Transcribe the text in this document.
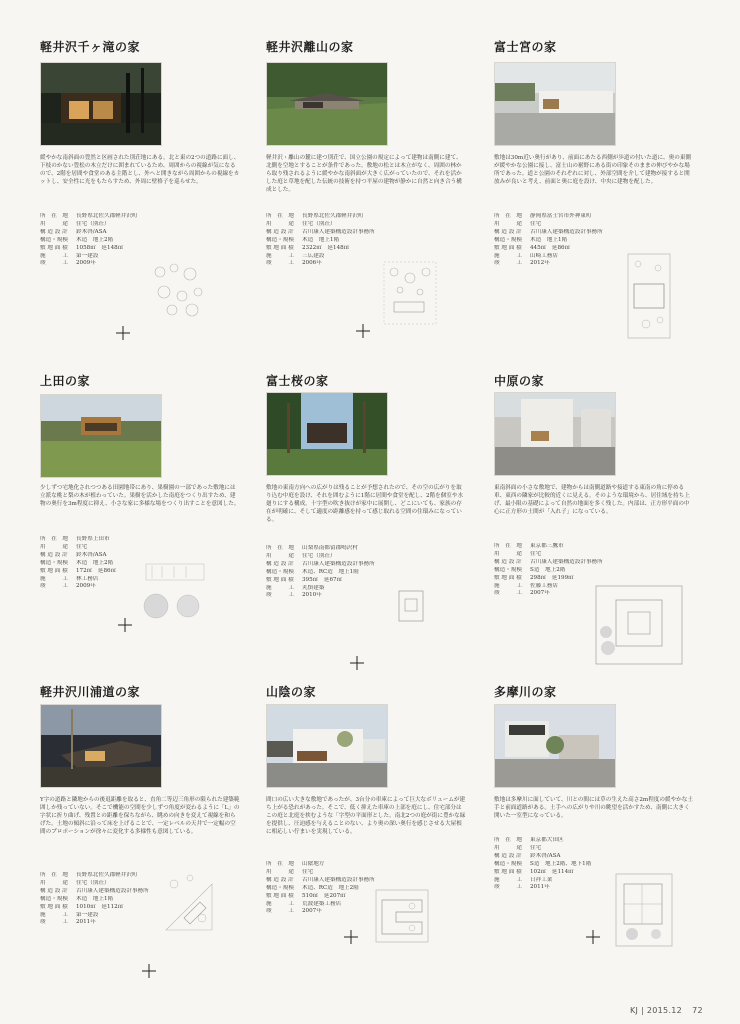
軽井沢千ヶ滝の家
緩やかな南斜面の豊然と区画された別荘地にある。北と東の2つの道路に面し、下枝のかない豊松の木立だけに囲まれているため、周囲からの視線が気になるので、2階を居間や食堂のある主階とし、外へと開きながら周囲からの視線をカットし、安全性に光をもたらすため、外周に壁格子を巡らせた。
所　在　地 長野県北佐久郡軽井沢町
用　　　途 住宅（別荘）
構 造 設 計 鈴木啓/ASA
構造・規模 木造　地上2階
敷 地 面 積 1058㎡　延148㎡
施　　　工 第一建設
竣　　　工 2009年
軽井沢離山の家
軽井沢・離山の麓に建つ別荘で、国立公園の規定によって建物は南側に建て、北側を空地とすることが条件であった。敷地の松とは木立がなく、周囲の林から取り残されるように緩やかな南斜面が大きく広がっていたので、それを活かした庭と草地を配した伝統の技術を持つ平屋の建物が静かに自然と向き合う構成とした。
所　在　地 長野県北佐久郡軽井沢町
用　　　途 住宅（別荘）
構 造 設 計 古川康人建築構造設計事務所
構造・規模 木造　地上1階
敷 地 面 積 2322㎡　延148㎡
施　　　工 三広建設
竣　　　工 2006年
富士宮の家
敷地は30m近い奥行があり、前面にあたる西側が歩道の付いた道に、奥の東側が緩やかな公園に接し、富士山の裾野にある街の印象そのままの伸びやかな場所であった。道と公園のそれぞれに対し、外部空間を介して建物が接すると開放みが良いと考え、前面と奥に庭を設け、中央に建物を配した。
所　在　地 静岡県富士宮市外神東町
用　　　途 住宅
構 造 設 計 古川康人建築構造設計事務所
構造・規模 木造　地上1階
敷 地 面 積 445㎡　延86㎡
施　　　工 山崎工務店
竣　　　工 2012年
上田の家
少しずつ宅地化されつつある田園地帯にあり、果樹園の一部であった敷地には立派な桃と梨の木が植わっていた。果樹を活かした南庭をつくり出すため、建物の奥行を3m程度に抑え、小さな家に多様な場をつくり出すことを意図した。
所　在　地 長野県上田市
用　　　途 住宅
構 造 設 計 鈴木啓/ASA
構造・規模 木造　地上2階
敷 地 面 積 172㎡　延86㎡
施　　　工 林工務店
竣　　　工 2009年
富士桜の家
敷地の東南方向への広がりは残ることが予想されたので、その空の広がりを取り込む中庭を設け、それを囲むように1階に居間や食堂を配し、2階を個室や水廻りにする構成。十字型の吹き抜けが家中に展開し、どこにいても、家族の存在が明確に、そして適度の距離感を持って感じ取れる空間の住環みになっている。
所　在　地 山梨県南都留郡鳴沢村
用　　　途 住宅（別荘）
構 造 設 計 古川康人建築構造設計事務所
構造・規模 木造、RC造　地上1階
敷 地 面 積 395㎡　延67㎡
施　　　工 丸慎建築
竣　　　工 2010年
中原の家
東南斜面の小さな敷地で、建物からは南側道路や接道する東南の角に停める車、東西の隣家が比較的近くに見える。そのような環境から、居住域を持ち上げ、最小限の基礎によって自然の地面を多く残した。内部は、正方形平面の中心に正方形の土間が「入れ子」になっている。
所　在　地 東京都三鷹市
用　　　途 住宅
構 造 設 計 古川康人建築構造設計事務所
構造・規模 S造　地上2階
敷 地 面 積 298㎡　延199㎡
施　　　工 佐藤工務店
竣　　　工 2007年
軽井沢川浦道の家
Y字の道路と隣地からの後退距離を取ると、直角二等辺三角形の限られた建築範囲しか残っていない。そこで機能の空間を少しずつ角度が変わるように「L」の字状に折り曲げ、残置との距離を保ちながら、眺めの向きを変えて視線を和らげた。土地の傾斜に沿って床を上げることで、一定レベルの天井で一定幅の空間のプロポーションが徐々に変化する多様性も意図している。
所　在　地 長野県北佐久郡軽井沢町
用　　　途 住宅（別荘）
構 造 設 計 古川康人建築構造設計事務所
構造・規模 木造　地上1階
敷 地 面 積 1010㎡　延112㎡
施　　　工 第一建設
竣　　　工 2011年
山陰の家
間口の広い大きな敷地であったが、3台分の車庫によって巨大なボリュームが建ち上がる恐れがあった。そこで、低く抑えた車庫の上部を庭にし、住宅部分はこの庭と北庭を挟むような「字型の平面形とした。南北2つの庭が街に豊かな緑を提供し、圧迫感を与えることのない、より奥の深い奥行を感じさせる大屋根に相応しい佇まいを実現している。
所　在　地 山陰地方
用　　　途 住宅
構 造 設 計 古川康人建築構造設計事務所
構造・規模 木造、RC造　地上2階
敷 地 面 積 510㎡　延207㎡
施　　　工 荒波建築工務店
竣　　　工 2007年
多摩川の家
敷地は多摩川に面していて、川との間には草の生えた高さ2m程度の緩やかな土手と前面道路がある。土手への広がりや川の眺望を活かすため、南側に大きく開いた一室型になっている。
所　在　地 東京都大田区
用　　　途 住宅
構 造 設 計 鈴木啓/ASA
構造・規模 S造　地上2階、地下1階
敷 地 面 積 102㎡　延114㎡
施　　　工 日祥工業
竣　　　工 2011年
KJ | 2015.12 72
